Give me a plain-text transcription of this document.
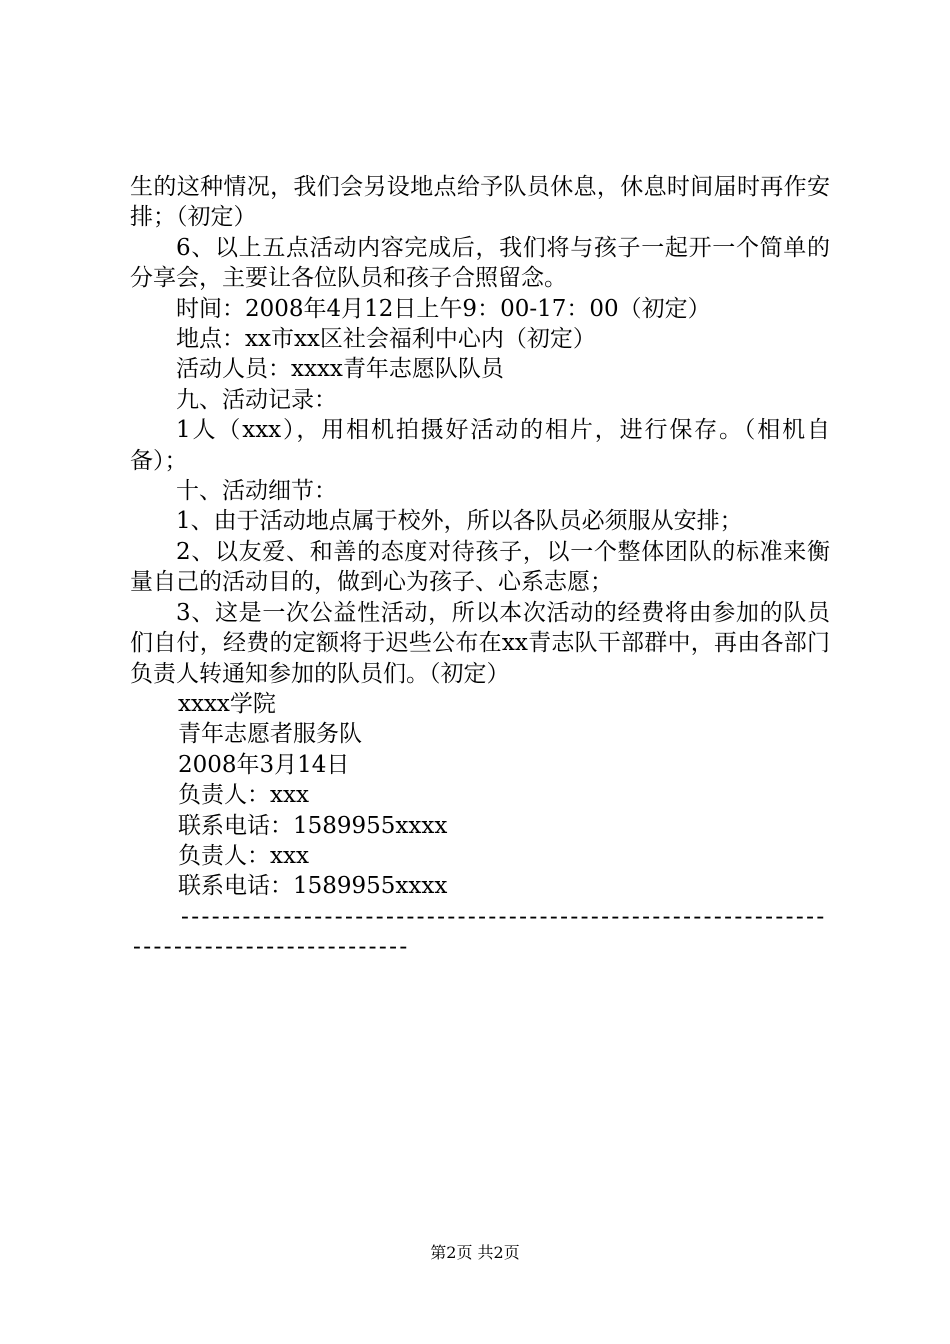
生的这种情况，我们会另设地点给予队员休息，休息时间届时再作安排；（初定）

6、以上五点活动内容完成后，我们将与孩子一起开一个简单的分享会，主要让各位队员和孩子合照留念。

时间：2008年4月12日上午9：00-17：00（初定）

地点：xx市xx区社会福利中心内（初定）

活动人员：xxxx青年志愿队队员

九、活动记录：

1人（xxx），用相机拍摄好活动的相片，进行保存。（相机自备）；

十、活动细节：

1、由于活动地点属于校外，所以各队员必须服从安排；

2、以友爱、和善的态度对待孩子，以一个整体团队的标准来衡量自己的活动目的，做到心为孩子、心系志愿；

3、这是一次公益性活动，所以本次活动的经费将由参加的队员们自付，经费的定额将于迟些公布在xx青志队干部群中，再由各部门负责人转通知参加的队员们。（初定）

xxxx学院

青年志愿者服务队

2008年3月14日

负责人：xxx

联系电话：1589955xxxx

负责人：xxx

联系电话：1589955xxxx

------------------------------------------------------------------------------------------

第2页 共2页
